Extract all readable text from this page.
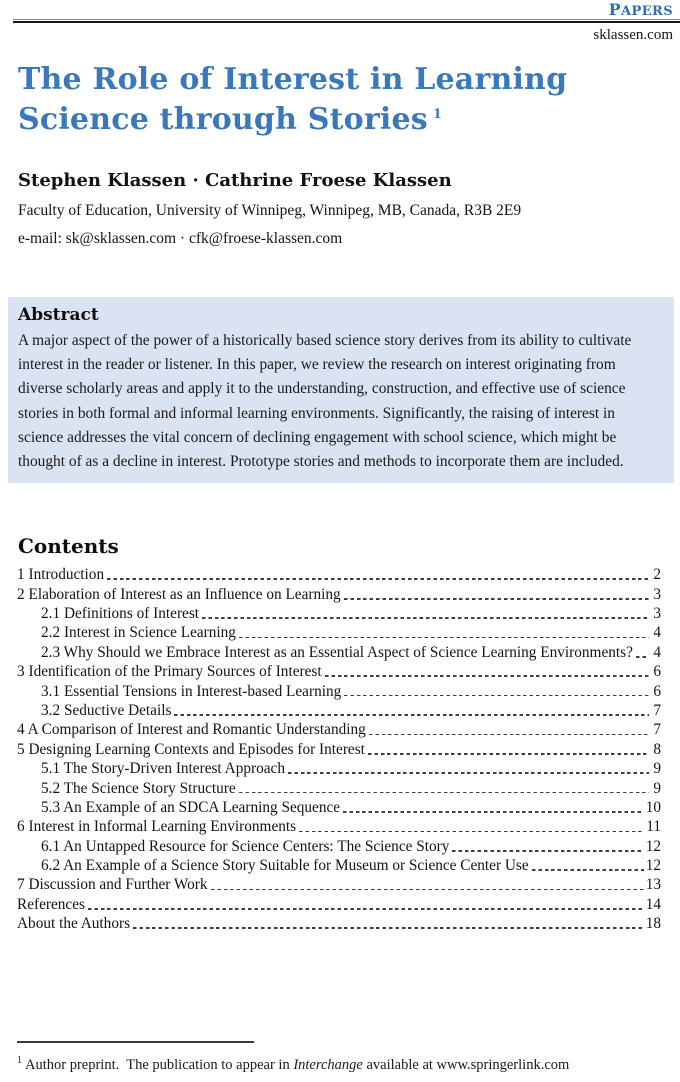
PAPERS
sklassen.com
The Role of Interest in Learning
Science through Stories $^1$
Stephen Klassen · Cathrine Froese Klassen
Faculty of Education, University of Winnipeg, Winnipeg, MB, Canada, R3B 2E9
e-mail: sk@sklassen.com · cfk@froese-klassen.com
Abstract

A major aspect of the power of a historically based science story derives from its ability to cultivate interest in the reader or listener. In this paper, we review the research on interest originating from diverse scholarly areas and apply it to the understanding, construction, and effective use of science stories in both formal and informal learning environments. Significantly, the raising of interest in science addresses the vital concern of declining engagement with school science, which might be thought of as a decline in interest. Prototype stories and methods to incorporate them are included.

Contents
1 Introduction	2
2 Elaboration of Interest as an Influence on Learning	3
2.1 Definitions of Interest	3
2.2 Interest in Science Learning	4
2.3 Why Should we Embrace Interest as an Essential Aspect of Science Learning Environments? 4
3 Identification of the Primary Sources of Interest	6
3.1 Essential Tensions in Interest-based Learning	6
3.2 Seductive Details	7
4 A Comparison of Interest and Romantic Understanding	7
5 Designing Learning Contexts and Episodes for Interest	8
5.1 The Story-Driven Interest Approach	9
5.2 The Science Story Structure	9
5.3 An Example of an SDCA Learning Sequence	10
6 Interest in Informal Learning Environments	11
6.1 An Untapped Resource for Science Centers: The Science Story	12
6.2 An Example of a Science Story Suitable for Museum or Science Center Use	12
7 Discussion and Further Work	13
References	14
About the Authors	18
$^1$ Author preprint.  The publication to appear in Interchange available at www.springerlink.com
